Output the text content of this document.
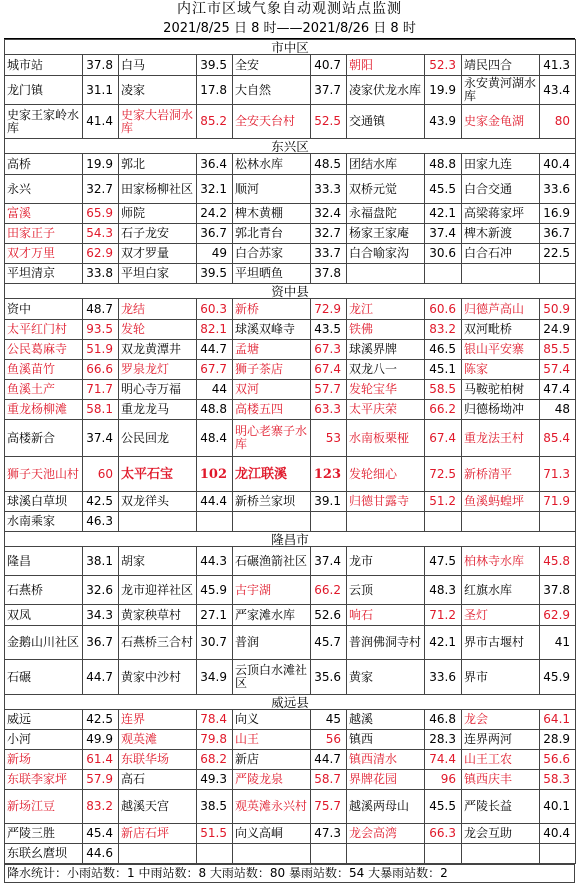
内江市区域气象自动观测站点监测
2021/8/25 日 8 时——2021/8/26 日 8 时
市中区									
城市站	37.8	白马	39.5	全安	40.7	朝阳	52.3	靖民四合	41.3
龙门镇	31.1	凌家	17.8	大自然	37.7	凌家伏龙水库	19.9	永安黄河湖水库	43.4
史家王家岭水库	41.4	史家大岩洞水库	85.2	全安天台村	52.5	交通镇	43.9	史家金龟湖	80
东兴区									
高桥	19.9	郭北	36.4	松林水库	48.5	团结水库	48.8	田家九连	40.4
永兴	32.7	田家杨柳社区	32.1	顺河	33.3	双桥元觉	45.5	白合交通	33.6
富溪	65.9	师院	24.2	椑木黄棚	32.4	永福盘陀	42.1	高梁蒋家坪	16.9
田家正子	54.3	石子龙安	36.7	郭北青台	32.7	杨家王家庵	37.4	椑木新渡	36.7
双才万里	62.9	双才罗量	49	白合苏家	33.7	白合喻家沟	30.6	白合石冲	22.5
平坦清京	33.8	平坦白家	39.5	平坦晒鱼	37.8				
资中县									
资中	48.7	龙结	60.3	新桥	72.9	龙江	60.6	归德芦高山	50.9
太平红门村	93.5	发轮	82.1	球溪双峰寺	43.5	铁佛	83.2	双河毗桥	24.9
公民葛麻寺	51.9	双龙黄潭井	44.7	孟塘	67.3	球溪界牌	46.5	银山平安寨	85.5
鱼溪苗竹	66.6	罗泉龙灯	67.7	狮子茶店	67.4	双龙八一	45.1	陈家	57.4
鱼溪土产	71.7	明心寺万福	44	双河	57.7	发轮宝华	58.5	马鞍驼柏树	47.4
重龙杨柳滩	58.1	重龙龙马	48.8	高楼五四	63.3	太平庆荣	66.2	归德杨坳冲	48
高楼新合	37.4	公民回龙	48.4	明心老寨子水库	53	水南板栗桠	67.4	重龙法王村	85.4
狮子天池山村	60	太平石宝	102	龙江联溪	123	发轮细心	72.5	新桥清平	71.3
球溪白草坝	42.5	双龙徉头	44.4	新桥兰家坝	39.1	归德甘露寺	51.2	鱼溪蚂蝗坪	71.9
水南乘家	46.3								
隆昌市									
隆昌	38.1	胡家	44.3	石碾渔箭社区	37.4	龙市	47.5	柏林寺水库	45.8
石燕桥	32.6	龙市迎祥社区	45.9	古宇湖	66.2	云顶	48.3	红旗水库	37.8
双凤	34.3	黄家秧草村	27.1	严家滩水库	52.6	响石	71.2	圣灯	62.9
金鹅山川社区	36.7	石燕桥三合村	30.7	普润	45.7	普润佛洞寺村	42.1	界市古堰村	41
石碾	44.7	黄家中沙村	34.9	云顶白水滩社区	35.6	黄家	33.6	界市	45.9
威远县									
威远	42.5	连界	78.4	向义	45	越溪	46.8	龙会	64.1
小河	49.9	观英滩	79.8	山王	56	镇西	28.3	连界两河	28.9
新场	61.4	东联华场	68.2	新店	44.7	镇西清水	74.4	山王工农	56.6
东联李家坪	57.9	高石	49.3	严陵龙泉	58.7	界牌花园	96	镇西庆丰	58.3
新场江豆	83.2	越溪天宫	38.5	观英滩永兴村	75.7	越溪两母山	45.5	严陵长益	40.1
严陵三胜	45.4	新店石坪	51.5	向义高峒	47.3	龙会高湾	66.3	龙会互助	40.4
东联幺麿坝	44.6								
降水统计：小雨站数：1 中雨站数：8 大雨站数：80 暴雨站数：54 大暴雨站数：2
